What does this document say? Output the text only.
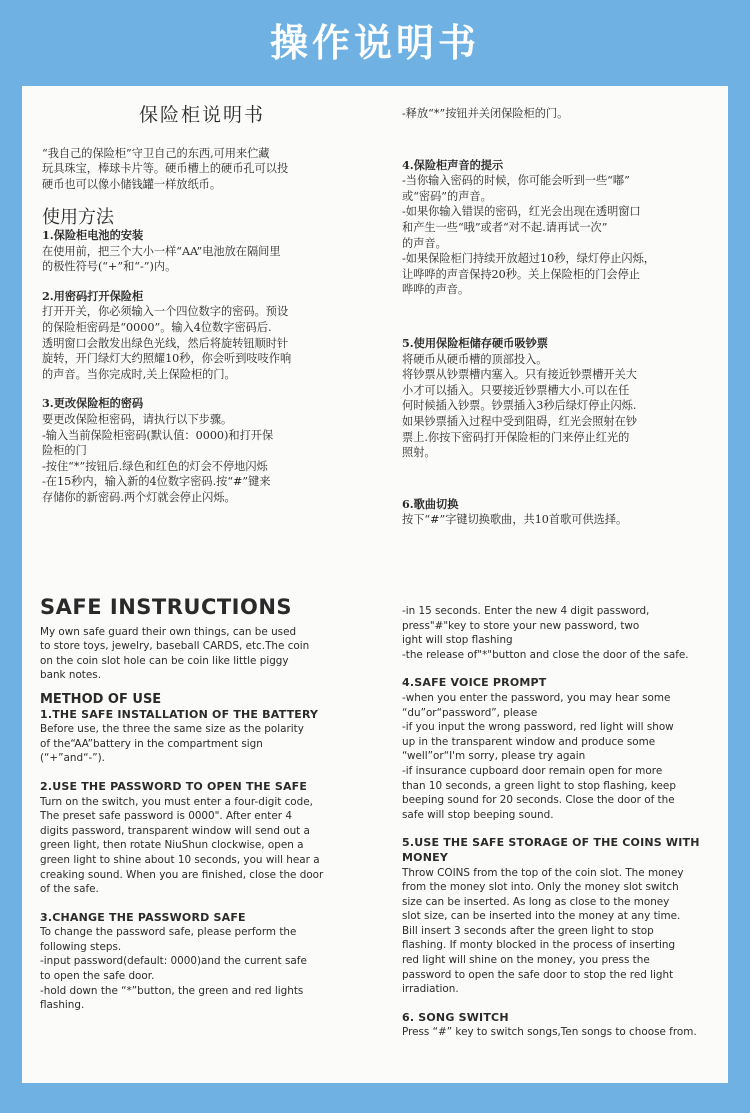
操作说明书
保险柜说明书

“我自己的保险柜”守卫自己的东西,可用来伫藏
玩具珠宝，棒球卡片等。硬币槽上的硬币孔可以投
硬币也可以像小储钱罐一样放纸币。

使用方法

1.保险柜电池的安装

在使用前，把三个大小一样“AA”电池放在隔间里
的极性符号(“+”和“-”)内。

2.用密码打开保险柜

打开开关，你必须输入一个四位数字的密码。预设
的保险柜密码是“0000”。输入4位数字密码后.
透明窗口会散发出绿色光线，然后将旋转钮顺时针
旋转，开门绿灯大约照耀10秒，你会听到吱吱作响
的声音。当你完成时,关上保险柜的门。

3.更改保险柜的密码

要更改保险柜密码，请执行以下步骤。
-输入当前保险柜密码(默认值：0000)和打开保
险柜的门
-按住“*”按钮后.绿色和红色的灯会不停地闪烁
-在15秒内，输入新的4位数字密码.按“#”键来
存储你的新密码.两个灯就会停止闪烁。

-释放“*”按钮并关闭保险柜的门。

4.保险柜声音的提示

-当你输入密码的时候，你可能会听到一些“嘟”
或“密码”的声音。
-如果你输入错误的密码，红光会出现在透明窗口
和产生一些“哦”或者“对不起.请再试一次”
的声音。
-如果保险柜门持续开放超过10秒，绿灯停止闪烁，
让哗哗的声音保持20秒。关上保险柜的门会停止
哗哗的声音。

5.使用保险柜储存硬币吸钞票

将硬币从硬币槽的顶部投入。
将钞票从钞票槽内塞入。只有接近钞票槽开关大
小才可以插入。只要接近钞票槽大小.可以在任
何时候插入钞票。钞票插入3秒后绿灯停止闪烁.
如果钞票插入过程中受到阻碍，红光会照射在钞
票上.你按下密码打开保险柜的门来停止红光的
照射。

6.歌曲切换

按下“#”字键切换歌曲，共10首歌可供选择。

SAFE INSTRUCTIONS

My own safe guard their own things, can be used
to store toys, jewelry, baseball CARDS, etc.The coin
on the coin slot hole can be coin like little piggy
bank notes.

METHOD OF USE

1.THE SAFE INSTALLATION OF THE BATTERY

Before use, the three the same size as the polarity
of the“AA”battery in the compartment sign
(“+”and“-”).

2.USE THE PASSWORD TO OPEN THE SAFE

Turn on the switch, you must enter a four-digit code,
The preset safe password is 0000". After enter 4
digits password, transparent window will send out a
green light, then rotate NiuShun clockwise, open a
green light to shine about 10 seconds, you will hear a
creaking sound. When you are finished, close the door
of the safe.

3.CHANGE THE PASSWORD SAFE

To change the password safe, please perform the
following steps.
-input password(default: 0000)and the current safe
to open the safe door.
-hold down the “*”button, the green and red lights
flashing.

-in 15 seconds. Enter the new 4 digit password,
press"#"key to store your new password, two
ight will stop flashing
-the release of"*"button and close the door of the safe.

4.SAFE VOICE PROMPT

-when you enter the password, you may hear some
“du”or“password”, please
-if you input the wrong password, red light will show
up in the transparent window and produce some
“well”or“I'm sorry, please try again
-if insurance cupboard door remain open for more
than 10 seconds, a green light to stop flashing, keep
beeping sound for 20 seconds. Close the door of the
safe will stop beeping sound.

5.USE THE SAFE STORAGE OF THE COINS WITH
MONEY

Throw COINS from the top of the coin slot. The money
from the money slot into. Only the money slot switch
size can be inserted. As long as close to the money
slot size, can be inserted into the money at any time.
Bill insert 3 seconds after the green light to stop
flashing. If monty blocked in the process of inserting
red light will shine on the money, you press the
password to open the safe door to stop the red light
irradiation.

6. SONG SWITCH

Press “#” key to switch songs,Ten songs to choose from.
